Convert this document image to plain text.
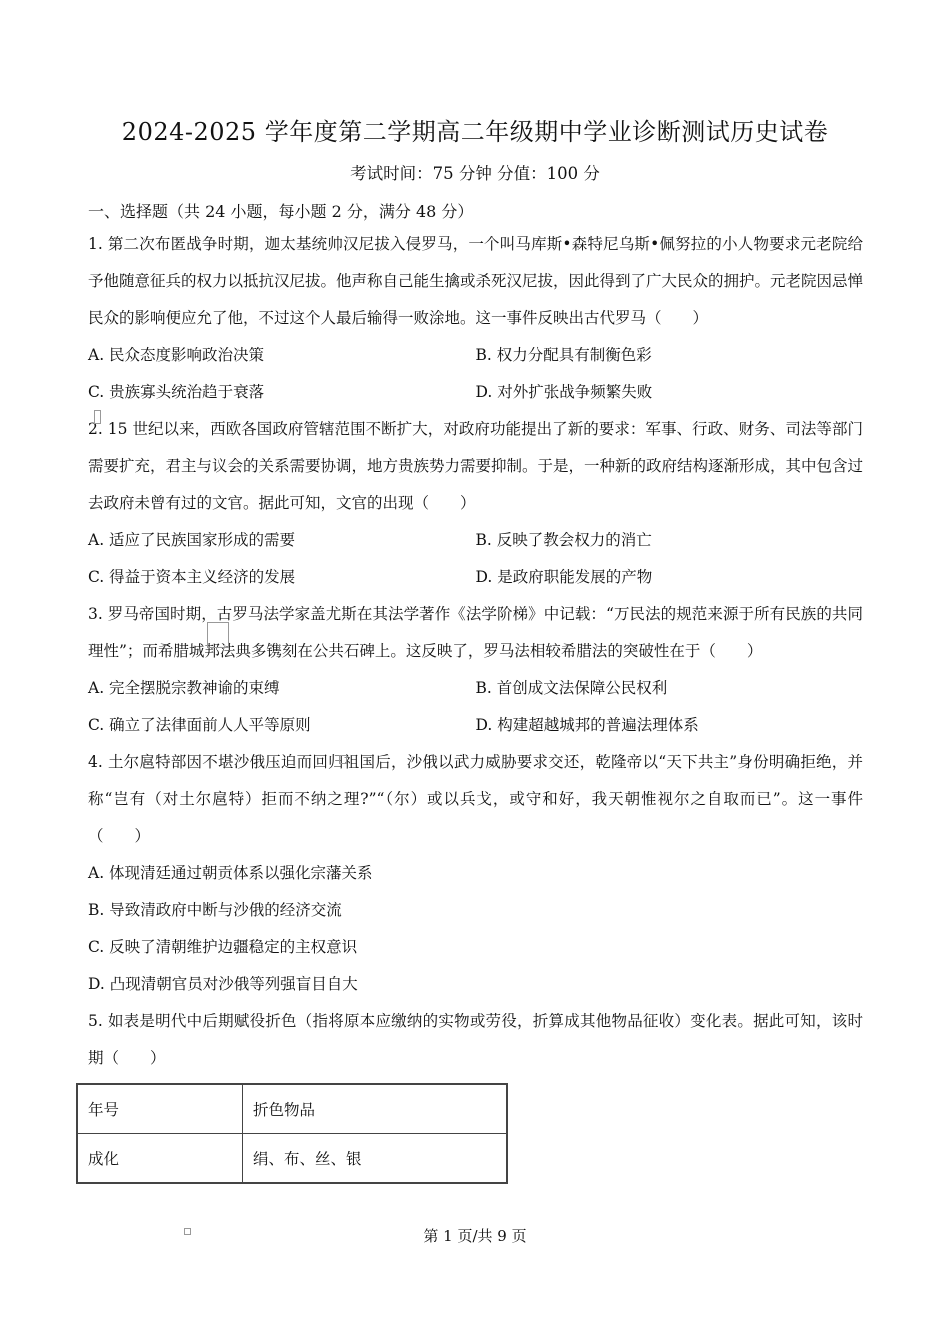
2024-2025 学年度第二学期高二年级期中学业诊断测试历史试卷
考试时间：75 分钟 分值：100 分
一、选择题（共 24 小题，每小题 2 分，满分 48 分）

1. 第二次布匿战争时期，迦太基统帅汉尼拔入侵罗马，一个叫马库斯•森特尼乌斯•佩努拉的小人物要求元老院给予他随意征兵的权力以抵抗汉尼拔。他声称自己能生擒或杀死汉尼拔，因此得到了广大民众的拥护。元老院因忌惮民众的影响便应允了他，不过这个人最后输得一败涂地。这一事件反映出古代罗马（　　）

A. 民众态度影响政治决策	B. 权力分配具有制衡色彩
C. 贵族寡头统治趋于衰落	D. 对外扩张战争频繁失败

2. 15 世纪以来，西欧各国政府管辖范围不断扩大，对政府功能提出了新的要求：军事、行政、财务、司法等部门需要扩充，君主与议会的关系需要协调，地方贵族势力需要抑制。于是，一种新的政府结构逐渐形成，其中包含过去政府未曾有过的文官。据此可知，文官的出现（　　）

A. 适应了民族国家形成的需要	B. 反映了教会权力的消亡
C. 得益于资本主义经济的发展	D. 是政府职能发展的产物

3. 罗马帝国时期，古罗马法学家盖尤斯在其法学著作《法学阶梯》中记载：“万民法的规范来源于所有民族的共同理性”；而希腊城邦法典多镌刻在公共石碑上。这反映了，罗马法相较希腊法的突破性在于（　　）

A. 完全摆脱宗教神谕的束缚	B. 首创成文法保障公民权利
C. 确立了法律面前人人平等原则	D. 构建超越城邦的普遍法理体系

4. 土尔扈特部因不堪沙俄压迫而回归祖国后，沙俄以武力威胁要求交还，乾隆帝以“天下共主”身份明确拒绝，并称“岂有（对土尔扈特）拒而不纳之理?”“（尔）或以兵戈，或守和好，我天朝惟视尔之自取而已”。这一事件（　　）

A. 体现清廷通过朝贡体系以强化宗藩关系
B. 导致清政府中断与沙俄的经济交流
C. 反映了清朝维护边疆稳定的主权意识
D. 凸现清朝官员对沙俄等列强盲目自大

5. 如表是明代中后期赋役折色（指将原本应缴纳的实物或劳役，折算成其他物品征收）变化表。据此可知，该时期（　　）

年号	折色物品
成化	绢、布、丝、银
第 1 页/共 9 页
